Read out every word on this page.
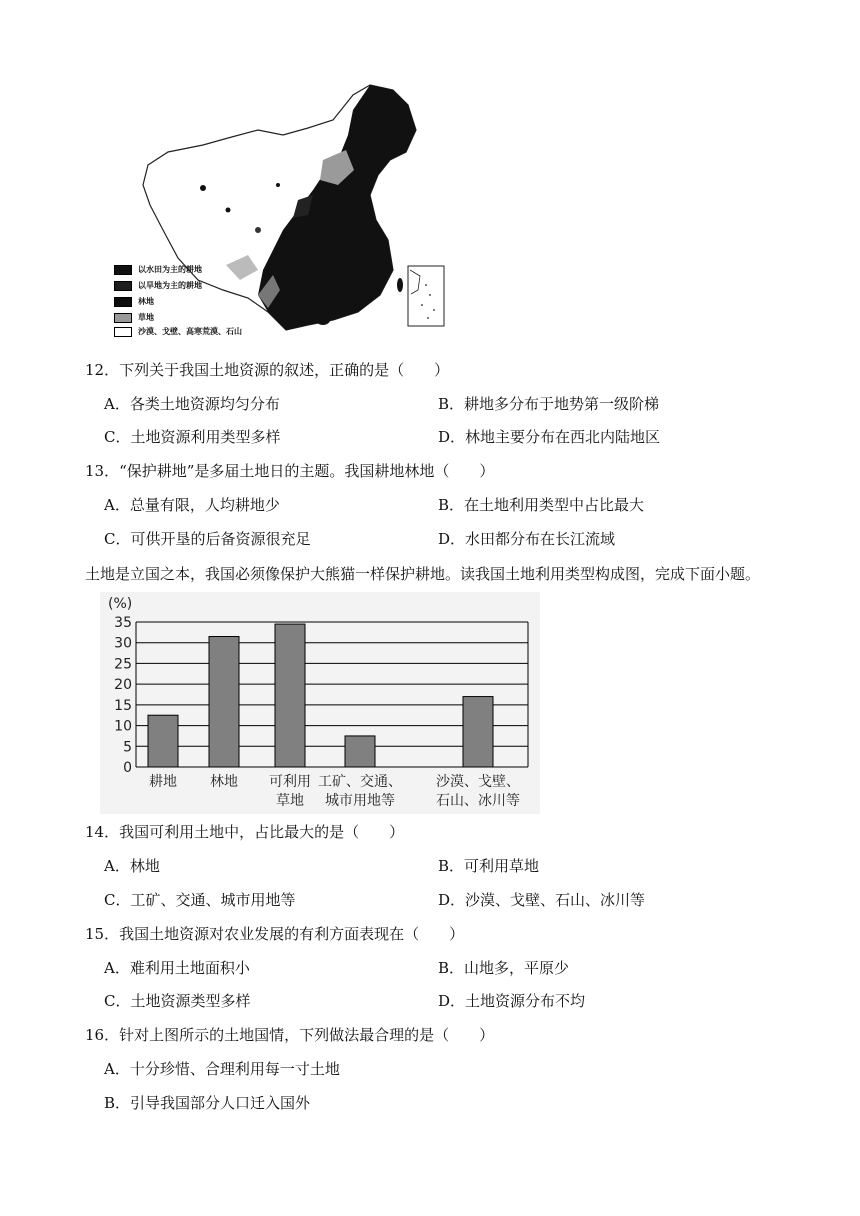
以水田为主的耕地
以旱地为主的耕地
林地
草地
沙漠、戈壁、高寒荒漠、石山
12．下列关于我国土地资源的叙述，正确的是（　　）
A．各类土地资源均匀分布	B．耕地多分布于地势第一级阶梯
C．土地资源利用类型多样	D．林地主要分布在西北内陆地区
13．“保护耕地”是多届土地日的主题。我国耕地林地（　　）
A．总量有限，人均耕地少	B．在土地利用类型中占比最大
C．可供开垦的后备资源很充足	D．水田都分布在长江流域
土地是立国之本，我国必须像保护大熊猫一样保护耕地。读我国土地利用类型构成图，完成下面小题。
(%)
0
5
10
15
20
25
30
35
耕地 林地 可利用
草地
工矿、交通、
城市用地等
沙漠、戈壁、
石山、冰川等
14．我国可利用土地中，占比最大的是（　　）
A．林地	B．可利用草地
C．工矿、交通、城市用地等	D．沙漠、戈壁、石山、冰川等
15．我国土地资源对农业发展的有利方面表现在（　　）
A．难利用土地面积小	B．山地多，平原少
C．土地资源类型多样	D．土地资源分布不均
16．针对上图所示的土地国情，下列做法最合理的是（　　）
A．十分珍惜、合理利用每一寸土地
B．引导我国部分人口迁入国外
